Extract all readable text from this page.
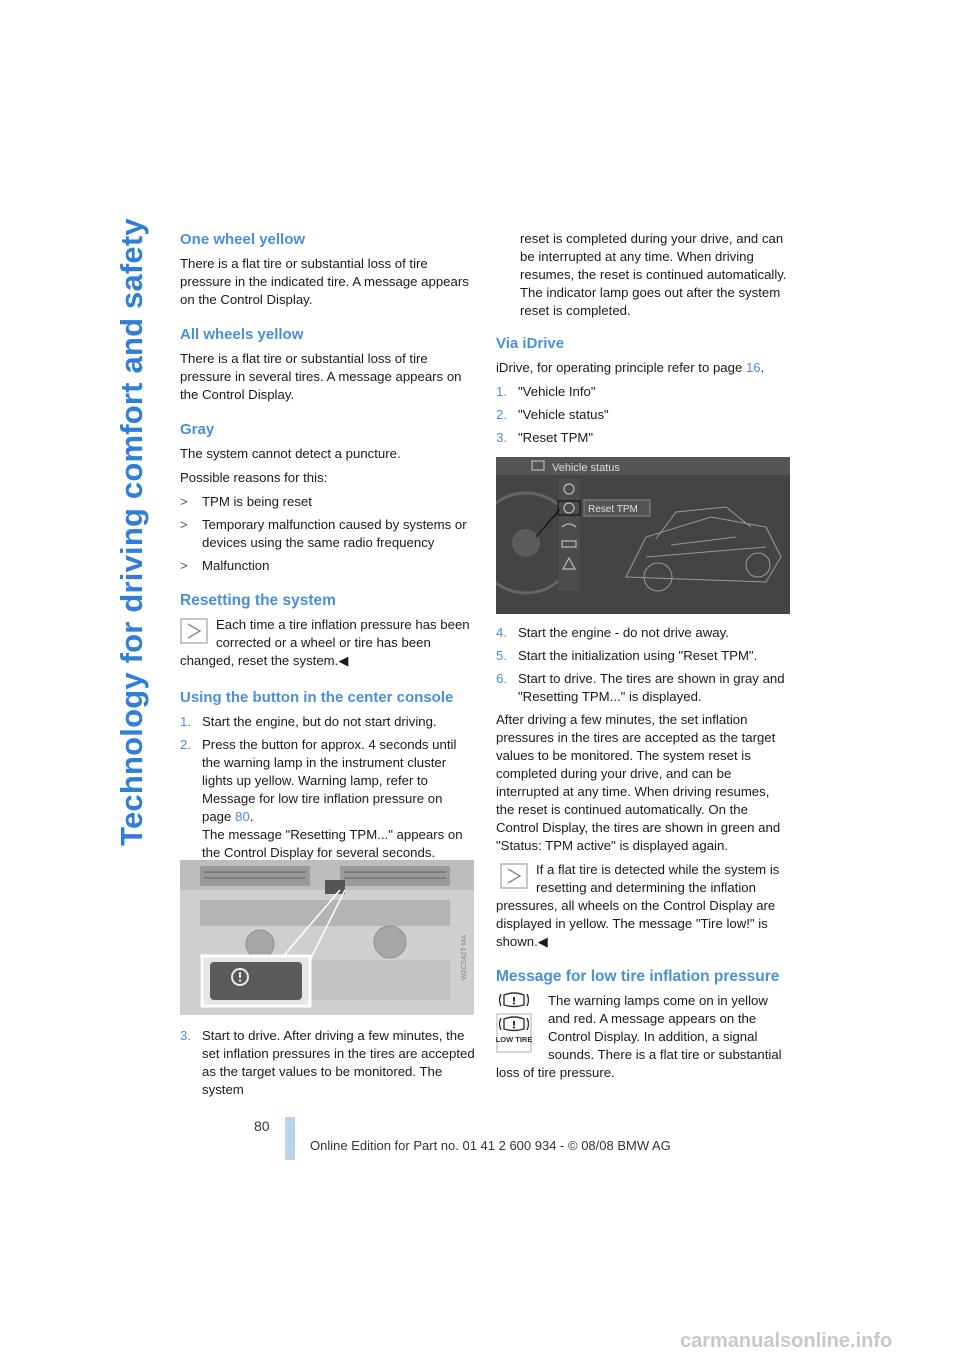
Technology for driving comfort and safety One wheel yellow

There is a flat tire or substantial loss of tire pressure in the indicated tire. A message appears on the Control Display.

All wheels yellow

There is a flat tire or substantial loss of tire pressure in several tires. A message appears on the Control Display.

Gray

The system cannot detect a puncture.

Possible reasons for this:

>	TPM is being reset
>	Temporary malfunction caused by systems or devices using the same radio frequency
>	Malfunction
Resetting the system
Each time a tire inflation pressure has been corrected or a wheel or tire has been changed, reset the system.◀
Using the button in the center console
1. Start the engine, but do not start driving.
2. Press the button for approx. 4 seconds until the warning lamp in the instrument cluster lights up yellow. Warning lamp, refer to Message for low tire inflation pressure on page 80.
The message "Resetting TPM..." appears on the Control Display for several seconds.
W2CS4ZT-MA
3. Start to drive. After driving a few minutes, the set inflation pressures in the tires are accepted as the target values to be monitored. The system

reset is completed during your drive, and can be interrupted at any time. When driving resumes, the reset is continued automatically. The indicator lamp goes out after the system reset is completed.

Via iDrive

iDrive, for operating principle refer to page 16.

1. "Vehicle Info"
2. "Vehicle status"
3. "Reset TPM"
Vehicle status
Reset TPM
4. Start the engine - do not drive away.
5. Start the initialization using "Reset TPM".
6. Start to drive. The tires are shown in gray and "Resetting TPM..." is displayed.

After driving a few minutes, the set inflation pressures in the tires are accepted as the target values to be monitored. The system reset is completed during your drive, and can be interrupted at any time. When driving resumes, the reset is continued automatically. On the Control Display, the tires are shown in green and "Status: TPM active" is displayed again.

If a flat tire is detected while the system is resetting and determining the inflation pressures, all wheels on the Control Display are displayed in yellow. The message "Tire low!" is shown.◀
Message for low tire inflation pressure
LOW TIRE
The warning lamps come on in yellow and red. A message appears on the Control Display. In addition, a signal sounds. There is a flat tire or substantial loss of tire pressure.
80
Online Edition for Part no. 01 41 2 600 934 - © 08/08 BMW AG
carmanualsonline.info
